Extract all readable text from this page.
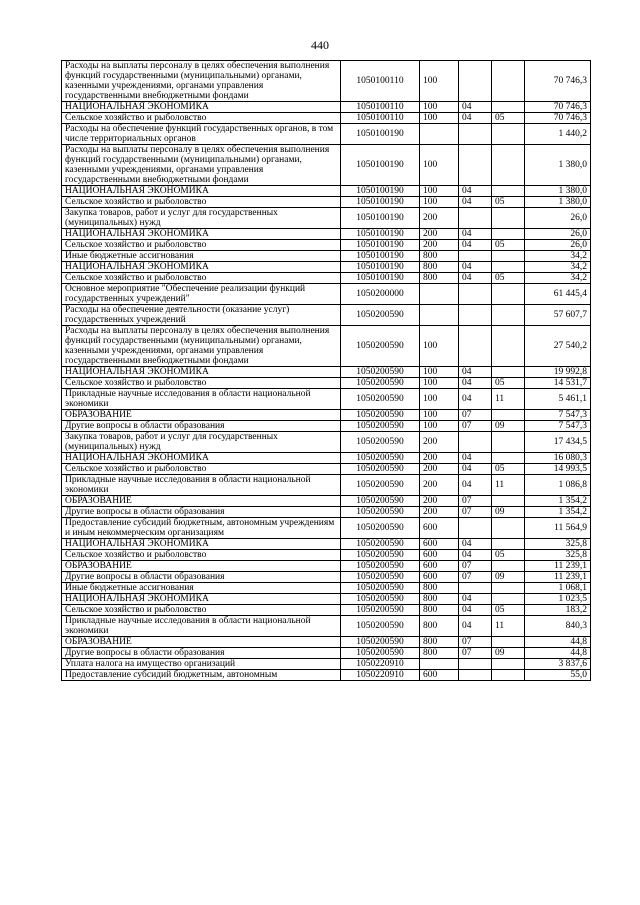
440
Расходы на выплаты персоналу в целях обеспечения выполнения функций государственными (муниципальными) органами, казенными учреждениями, органами управления государственными внебюджетными фондами	1050100110	100			70 746,3
НАЦИОНАЛЬНАЯ ЭКОНОМИКА	1050100110	100	04		70 746,3
Сельское хозяйство и рыболовство	1050100110	100	04	05	70 746,3
Расходы на обеспечение функций государственных органов, в том числе территориальных органов	1050100190				1 440,2
Расходы на выплаты персоналу в целях обеспечения выполнения функций государственными (муниципальными) органами, казенными учреждениями, органами управления государственными внебюджетными фондами	1050100190	100			1 380,0
НАЦИОНАЛЬНАЯ ЭКОНОМИКА	1050100190	100	04		1 380,0
Сельское хозяйство и рыболовство	1050100190	100	04	05	1 380,0
Закупка товаров, работ и услуг для государственных (муниципальных) нужд	1050100190	200			26,0
НАЦИОНАЛЬНАЯ ЭКОНОМИКА	1050100190	200	04		26,0
Сельское хозяйство и рыболовство	1050100190	200	04	05	26,0
Иные бюджетные ассигнования	1050100190	800			34,2
НАЦИОНАЛЬНАЯ ЭКОНОМИКА	1050100190	800	04		34,2
Сельское хозяйство и рыболовство	1050100190	800	04	05	34,2
Основное мероприятие "Обеспечение реализации функций государственных учреждений"	1050200000				61 445,4
Расходы на обеспечение деятельности (оказание услуг) государственных учреждений	1050200590				57 607,7
Расходы на выплаты персоналу в целях обеспечения выполнения функций государственными (муниципальными) органами, казенными учреждениями, органами управления государственными внебюджетными фондами	1050200590	100			27 540,2
НАЦИОНАЛЬНАЯ ЭКОНОМИКА	1050200590	100	04		19 992,8
Сельское хозяйство и рыболовство	1050200590	100	04	05	14 531,7
Прикладные научные исследования в области национальной экономики	1050200590	100	04	11	5 461,1
ОБРАЗОВАНИЕ	1050200590	100	07		7 547,3
Другие вопросы в области образования	1050200590	100	07	09	7 547,3
Закупка товаров, работ и услуг для государственных (муниципальных) нужд	1050200590	200			17 434,5
НАЦИОНАЛЬНАЯ ЭКОНОМИКА	1050200590	200	04		16 080,3
Сельское хозяйство и рыболовство	1050200590	200	04	05	14 993,5
Прикладные научные исследования в области национальной экономики	1050200590	200	04	11	1 086,8
ОБРАЗОВАНИЕ	1050200590	200	07		1 354,2
Другие вопросы в области образования	1050200590	200	07	09	1 354,2
Предоставление субсидий бюджетным, автономным учреждениям и иным некоммерческим организациям	1050200590	600			11 564,9
НАЦИОНАЛЬНАЯ ЭКОНОМИКА	1050200590	600	04		325,8
Сельское хозяйство и рыболовство	1050200590	600	04	05	325,8
ОБРАЗОВАНИЕ	1050200590	600	07		11 239,1
Другие вопросы в области образования	1050200590	600	07	09	11 239,1
Иные бюджетные ассигнования	1050200590	800			1 068,1
НАЦИОНАЛЬНАЯ ЭКОНОМИКА	1050200590	800	04		1 023,5
Сельское хозяйство и рыболовство	1050200590	800	04	05	183,2
Прикладные научные исследования в области национальной экономики	1050200590	800	04	11	840,3
ОБРАЗОВАНИЕ	1050200590	800	07		44,8
Другие вопросы в области образования	1050200590	800	07	09	44,8
Уплата налога на имущество организаций	1050220910				3 837,6
Предоставление субсидий бюджетным, автономным	1050220910	600			55,0
